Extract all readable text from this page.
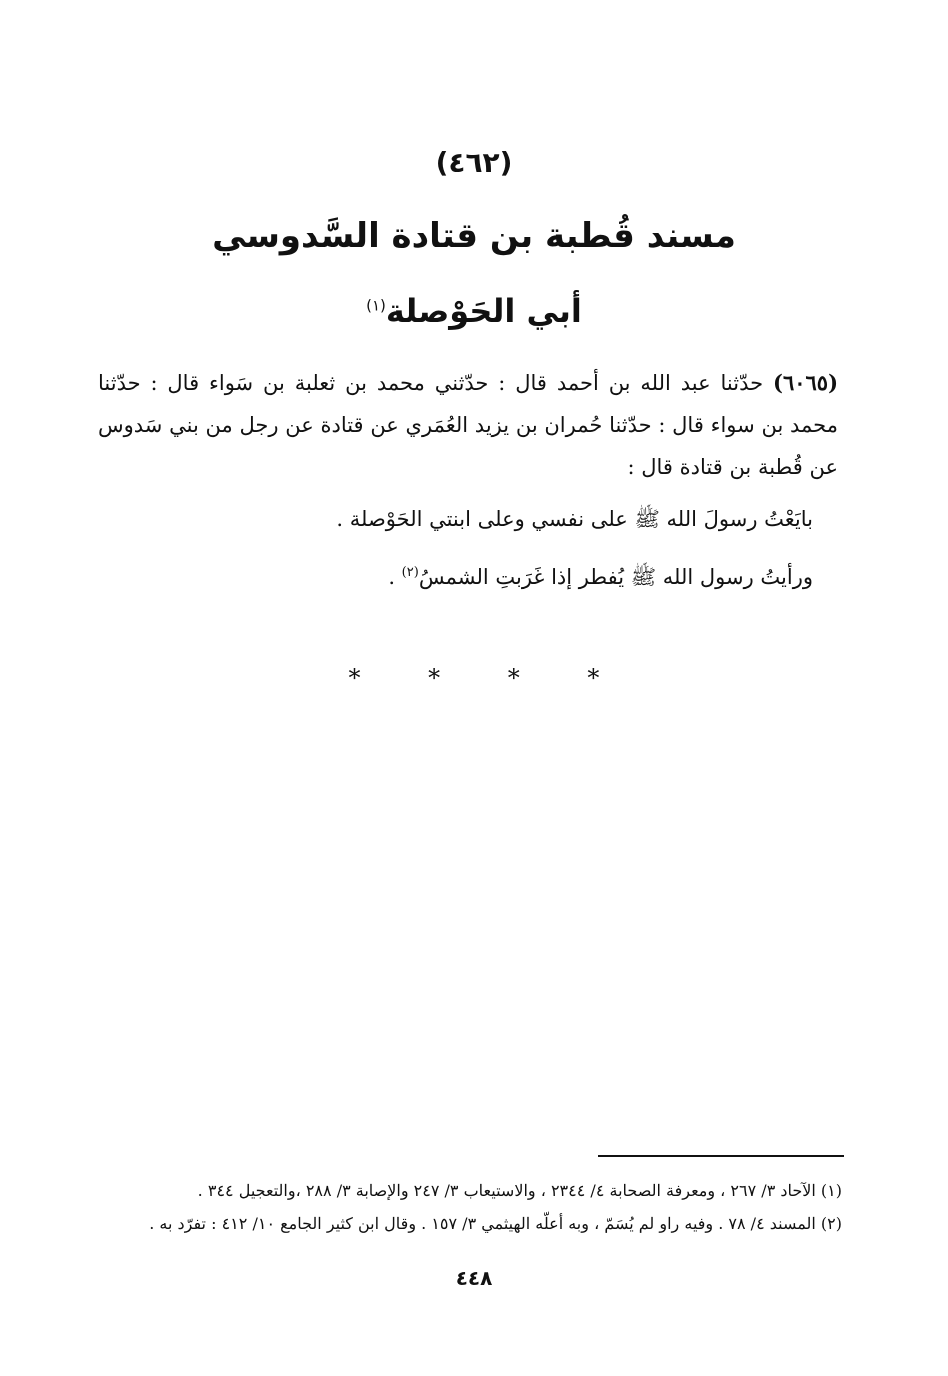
(٤٦٢)
مسند قُطبة بن قتادة السَّدوسي
أبي الحَوْصلة$^{(١)}$
(٦٠٦٥) حدّثنا عبد الله بن أحمد قال : حدّثني محمد بن ثعلبة بن سَواء قال : حدّثنا محمد بن سواء قال : حدّثنا حُمران بن يزيد العُمَري عن قتادة عن رجل من بني سَدوس عن قُطبة بن قتادة قال :
بايَعْتُ رسولَ الله ﷺ على نفسي وعلى ابنتي الحَوْصلة .
ورأيتُ رسول الله ﷺ يُفطر إذا غَرَبتِ الشمسُ$^{(٢)}$ .
* * * *
(١) الآحاد ٣/ ٢٦٧ ، ومعرفة الصحابة ٤/ ٢٣٤٤ ، والاستيعاب ٣/ ٢٤٧ والإصابة ٣/ ٢٨٨ ،والتعجيل ٣٤٤ .
(٢) المسند ٤/ ٧٨ . وفيه راو لم يُسَمّ ، وبه أعلّه الهيثمي ٣/ ١٥٧ . وقال ابن كثير الجامع ١٠/ ٤١٢ : تفرّد به .
٤٤٨
